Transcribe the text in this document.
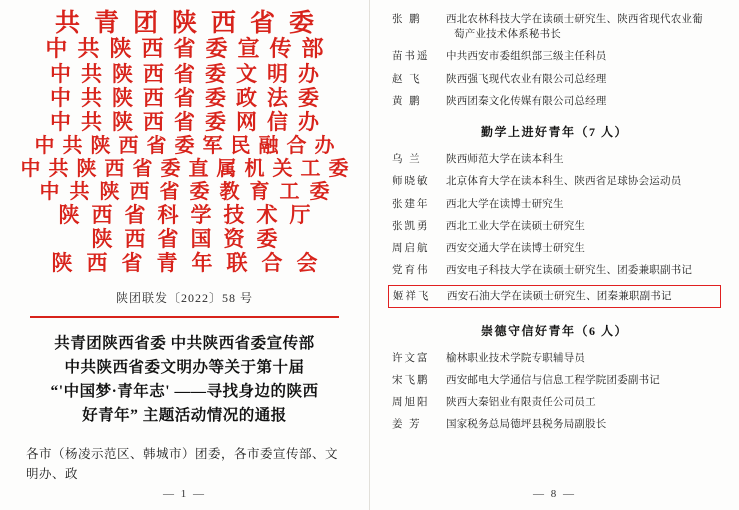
共 青 团 陕 西 省 委
中 共 陕 西 省 委 宣 传 部
中 共 陕 西 省 委 文 明 办
中 共 陕 西 省 委 政 法 委
中 共 陕 西 省 委 网 信 办
中 共 陕 西 省 委 军 民 融 合 办
中 共 陕 西 省 委 直 属 机 关 工 委
中 共 陕 西 省 委 教 育 工 委
陕 西 省 科 学 技 术 厅
陕 西 省 国 资 委
陕 西 省 青 年 联 合 会
陕团联发〔2022〕58 号
共青团陕西省委 中共陕西省委宣传部
中共陕西省委文明办等关于第十届
“'中国梦·青年志' ——寻找身边的陕西
好青年” 主题活动情况的通报
各市（杨凌示范区、韩城市）团委，各市委宣传部、文明办、政
— 1 —
张 鹏	西北农林科技大学在读硕士研究生、陕西省现代农业葡
萄产业技术体系秘书长
苗书遥	中共西安市委组织部三级主任科员
赵 飞	陕西强飞现代农业有限公司总经理
黄 鹏	陕西团秦文化传媒有限公司总经理
勤学上进好青年（7 人）
乌 兰	陕西师范大学在读本科生
师晓敏	北京体育大学在读本科生、陕西省足球协会运动员
张建年	西北大学在读博士研究生
张凯勇	西北工业大学在读硕士研究生
周启航	西安交通大学在读博士研究生
党育伟	西安电子科技大学在读硕士研究生、团委兼职副书记
姬祥飞	西安石油大学在读硕士研究生、团秦兼职副书记
崇德守信好青年（6 人）
许文富	榆林职业技术学院专职辅导员
宋飞鹏	西安邮电大学通信与信息工程学院团委副书记
周旭阳	陕西大秦铝业有限责任公司员工
姜 芳	国家税务总局德坪县税务局副股长
— 8 —
